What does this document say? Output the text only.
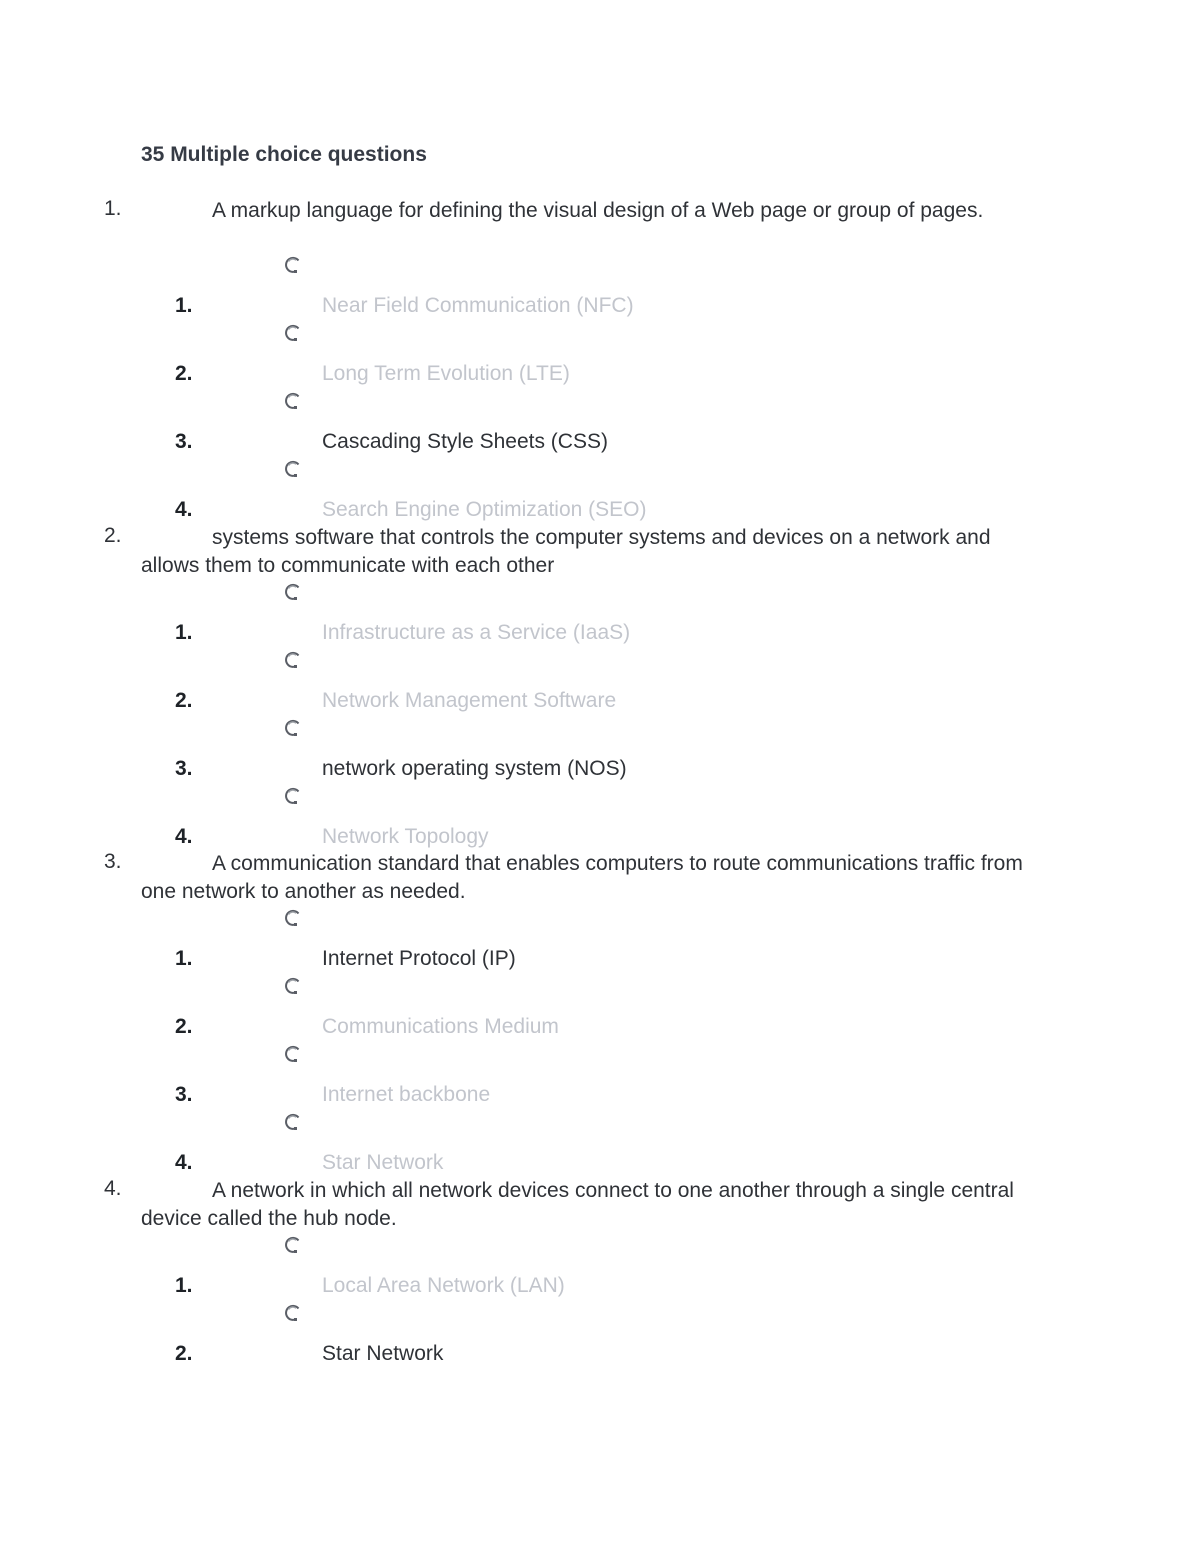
35 Multiple choice questions
1.	A markup language for defining the visual design of a Web page or group of pages.
1.	Near Field Communication (NFC)
2.	Long Term Evolution (LTE)
3.	Cascading Style Sheets (CSS)
4.	Search Engine Optimization (SEO)
2.	systems software that controls the computer systems and devices on a network and allows them to communicate with each other
1.	Infrastructure as a Service (IaaS)
2.	Network Management Software
3.	network operating system (NOS)
4.	Network Topology
3.	A communication standard that enables computers to route communications traffic from one network to another as needed.
1.	Internet Protocol (IP)
2.	Communications Medium
3.	Internet backbone
4.	Star Network
4.	A network in which all network devices connect to one another through a single central device called the hub node.
1.	Local Area Network (LAN)
2.	Star Network
